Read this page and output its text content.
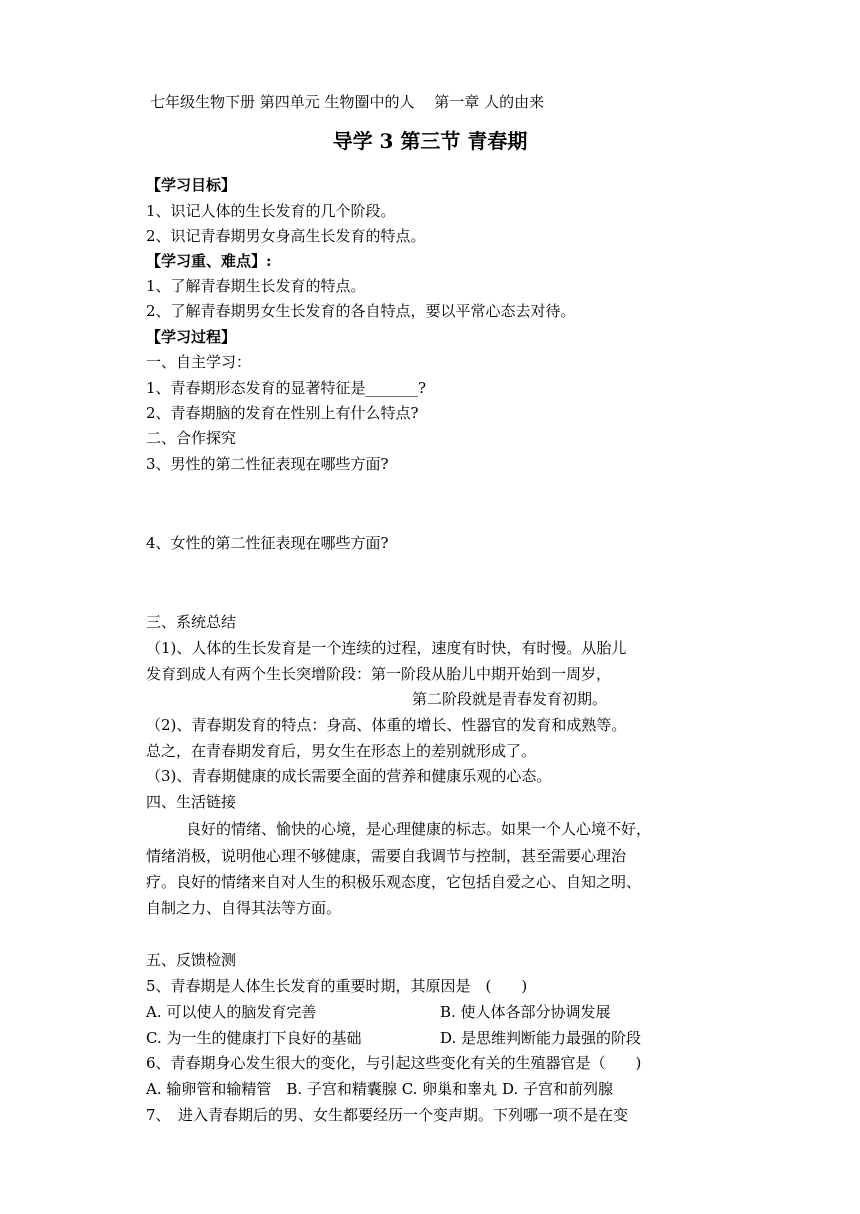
七年级生物下册 第四单元 生物圈中的人　 第一章 人的由来

导学 3 第三节 青春期

【学习目标】

1、识记人体的生长发育的几个阶段。

2、识记青春期男女身高生长发育的特点。

【学习重、难点】:

1、了解青春期生长发育的特点。

2、了解青春期男女生长发育的各自特点，要以平常心态去对待。

【学习过程】

一、自主学习：

1、青春期形态发育的显著特征是_______?

2、青春期脑的发育在性别上有什么特点?

二、合作探究

3、男性的第二性征表现在哪些方面?

4、女性的第二性征表现在哪些方面?

三、系统总结

（1)、人体的生长发育是一个连续的过程，速度有时快，有时慢。从胎儿

发育到成人有两个生长突增阶段：第一阶段从胎儿中期开始到一周岁，

第二阶段就是青春发育初期。

（2)、青春期发育的特点：身高、体重的增长、性器官的发育和成熟等。

总之，在青春期发育后，男女生在形态上的差别就形成了。

（3)、青春期健康的成长需要全面的营养和健康乐观的心态。

四、生活链接

良好的情绪、愉快的心境，是心理健康的标志。如果一个人心境不好，

情绪消极，说明他心理不够健康，需要自我调节与控制，甚至需要心理治

疗。良好的情绪来自对人生的积极乐观态度，它包括自爱之心、自知之明、

自制之力、自得其法等方面。

五、反馈检测

5、青春期是人体生长发育的重要时期，其原因是　(　　)

A. 可以使人的脑发育完善	B. 使人体各部分协调发展

C. 为一生的健康打下良好的基础	D. 是思维判断能力最强的阶段

6、青春期身心发生很大的变化，与引起这些变化有关的生殖器官是（　　)

A. 输卵管和输精管　B. 子宫和精囊腺 C. 卵巢和睾丸 D. 子宫和前列腺

7、　进入青春期后的男、女生都要经历一个变声期。下列哪一项不是在变
